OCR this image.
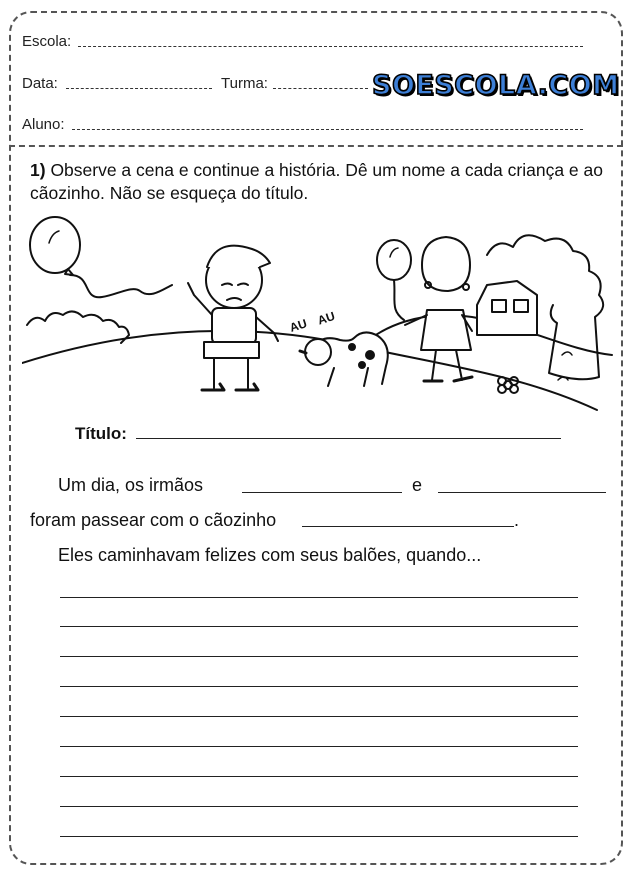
Escola:
Data:	Turma:	SOESCOLA.COM
Aluno:
1) Observe a cena e continue a história. Dê um nome a cada criança e ao cãozinho. Não se esqueça do título.
AU AU
Título:
Um dia, os irmãos	e
foram passear com o cãozinho	.
Eles caminhavam felizes com seus balões, quando...
